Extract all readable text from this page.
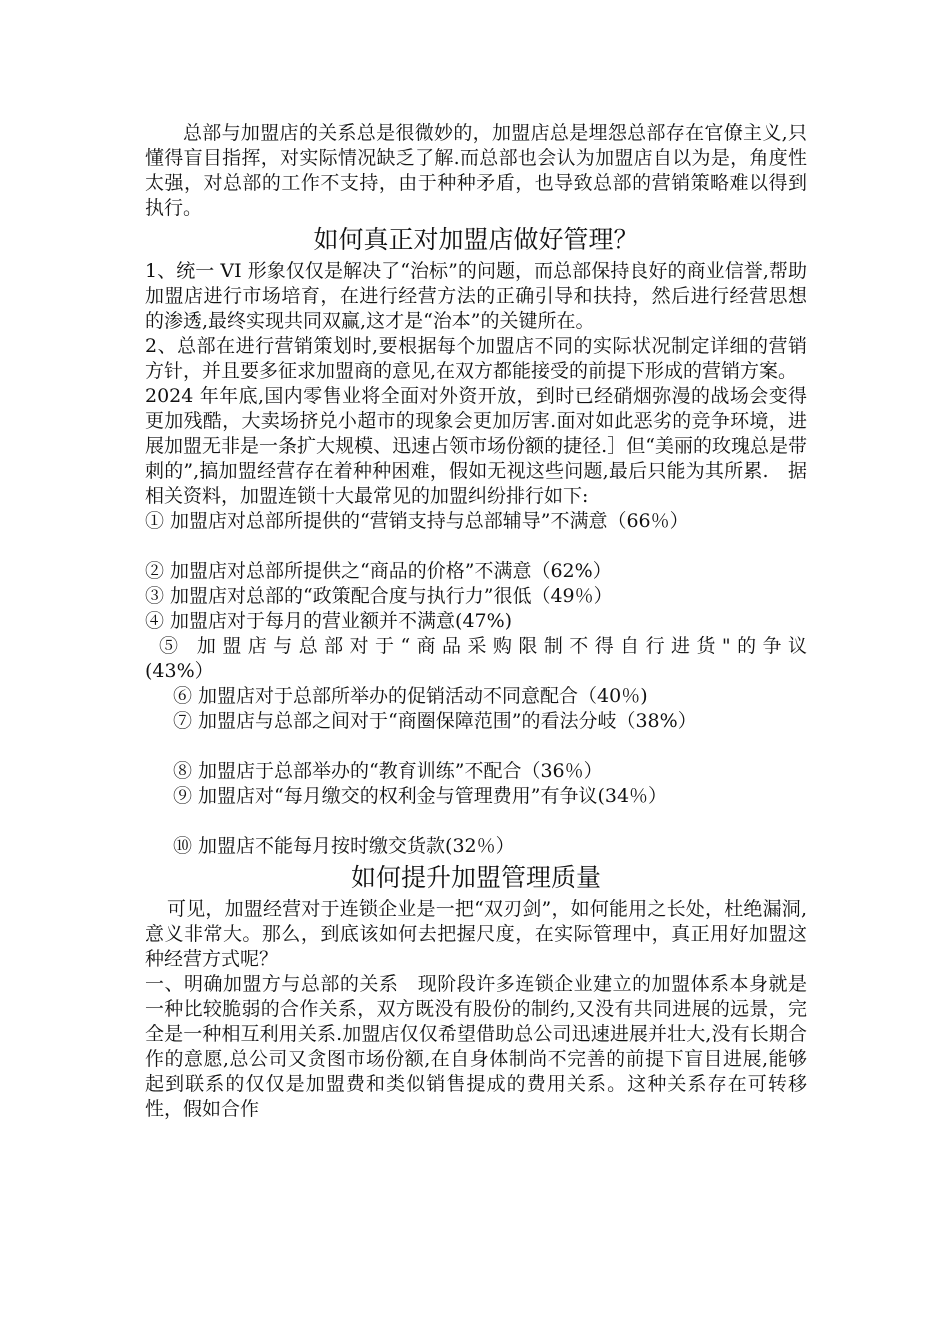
总部与加盟店的关系总是很微妙的，加盟店总是埋怨总部存在官僚主义,只懂得盲目指挥，对实际情况缺乏了解.而总部也会认为加盟店自以为是，角度性太强，对总部的工作不支持，由于种种矛盾，也导致总部的营销策略难以得到执行。

如何真正对加盟店做好管理？

1、统一 VI 形象仅仅是解决了“治标”的问题，而总部保持良好的商业信誉,帮助加盟店进行市场培育，在进行经营方法的正确引导和扶持，然后进行经营思想的渗透,最终实现共同双赢,这才是“治本”的关键所在。

2、总部在进行营销策划时,要根据每个加盟店不同的实际状况制定详细的营销方针，并且要多征求加盟商的意见,在双方都能接受的前提下形成的营销方案。

2024 年年底,国内零售业将全面对外资开放，到时已经硝烟弥漫的战场会变得更加残酷，大卖场挤兑小超市的现象会更加厉害.面对如此恶劣的竞争环境，进展加盟无非是一条扩大规模、迅速占领市场份额的捷径.］但“美丽的玫瑰总是带刺的”,搞加盟经营存在着种种困难，假如无视这些问题,最后只能为其所累.　据相关资料，加盟连锁十大最常见的加盟纠纷排行如下:

① 加盟店对总部所提供的“营销支持与总部辅导”不满意（66％）
② 加盟店对总部所提供之“商品的价格”不满意（62%）
③ 加盟店对总部的“政策配合度与执行力”很低（49％）
④ 加盟店对于每月的营业额并不满意(47%)
⑤ 加盟店与总部对于“商品采购限制不得自行进货"的争议
(43%）
⑥ 加盟店对于总部所举办的促销活动不同意配合（40％)
⑦ 加盟店与总部之间对于“商圈保障范围”的看法分岐（38%）
⑧ 加盟店于总部举办的“教育训练”不配合（36％）
⑨ 加盟店对“每月缴交的权利金与管理费用”有争议(34％）
⑩ 加盟店不能每月按时缴交货款(32％）
如何提升加盟管理质量

可见，加盟经营对于连锁企业是一把“双刃剑”，如何能用之长处，杜绝漏洞,意义非常大。那么，到底该如何去把握尺度，在实际管理中，真正用好加盟这种经营方式呢？

一、明确加盟方与总部的关系　现阶段许多连锁企业建立的加盟体系本身就是一种比较脆弱的合作关系，双方既没有股份的制约,又没有共同进展的远景，完全是一种相互利用关系.加盟店仅仅希望借助总公司迅速进展并壮大,没有长期合作的意愿,总公司又贪图市场份额,在自身体制尚不完善的前提下盲目进展,能够起到联系的仅仅是加盟费和类似销售提成的费用关系。这种关系存在可转移性，假如合作
